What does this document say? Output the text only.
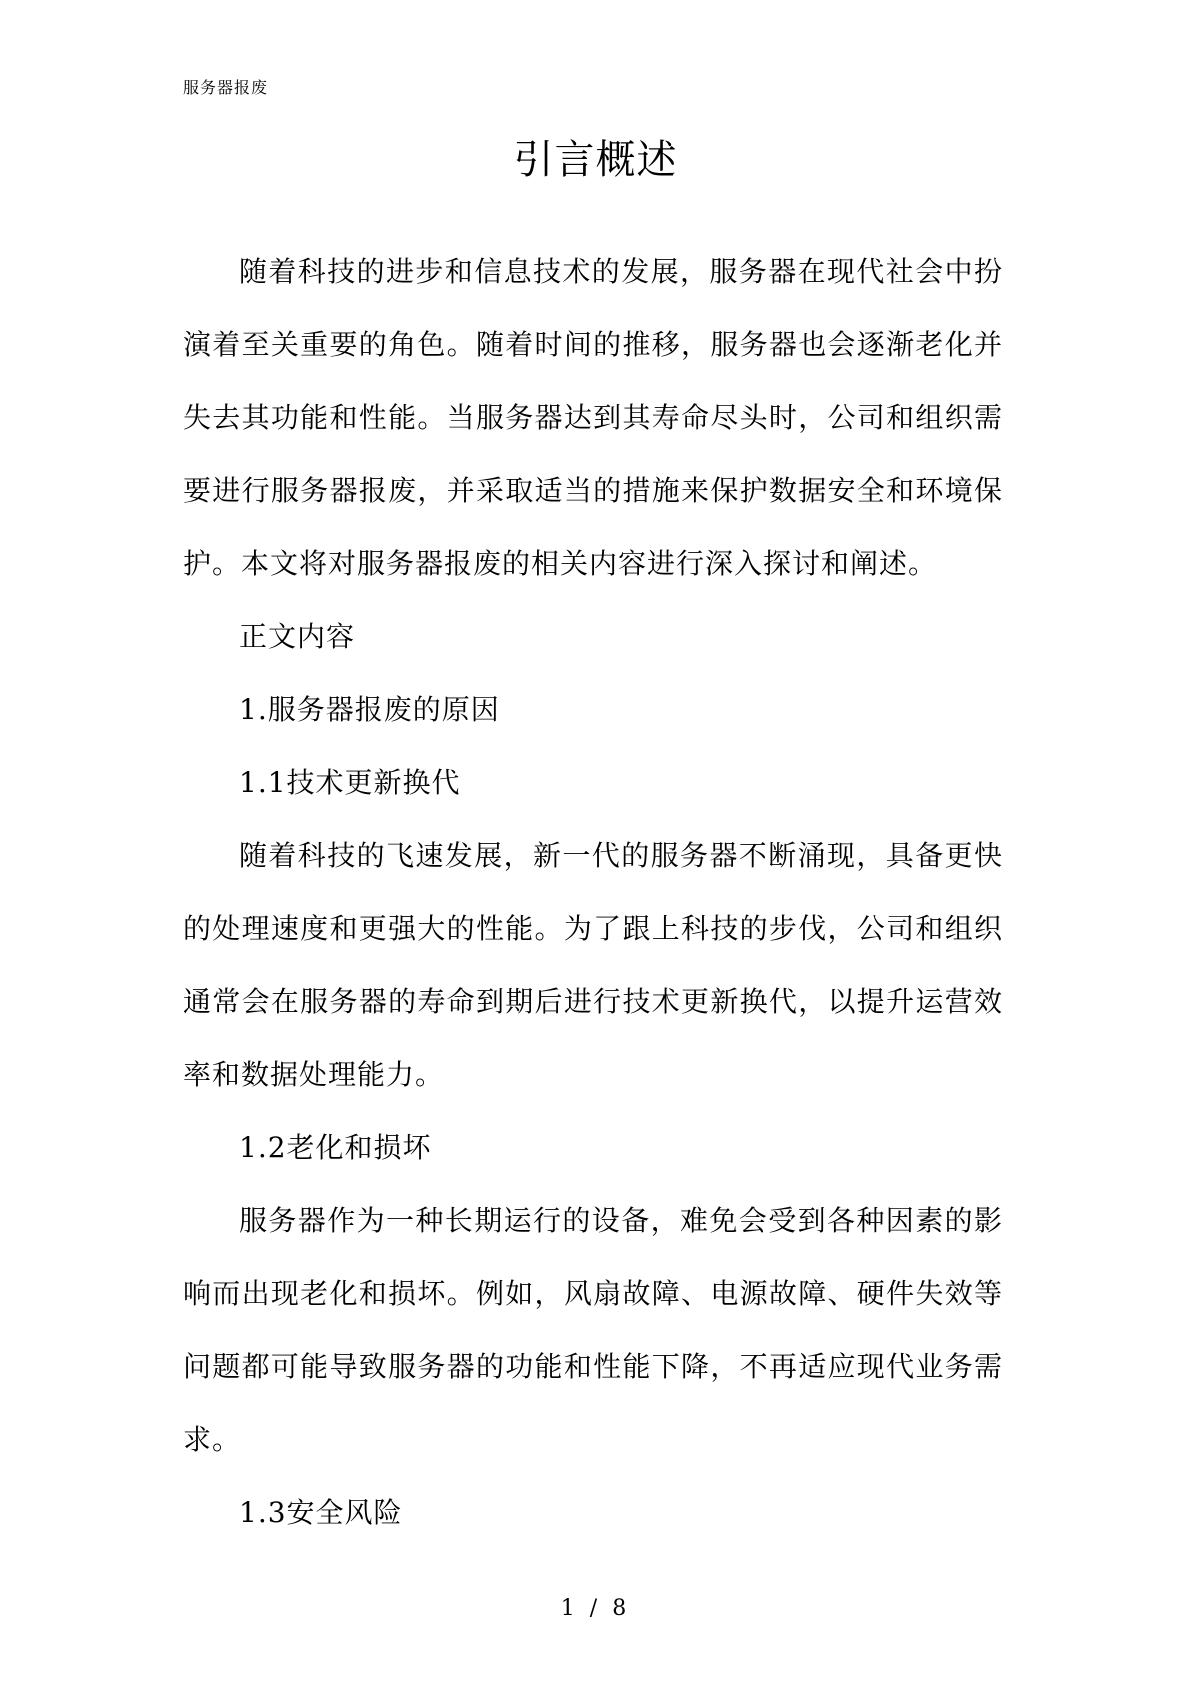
服务器报废
引言概述

随着科技的进步和信息技术的发展，服务器在现代社会中扮演着至关重要的角色。随着时间的推移，服务器也会逐渐老化并失去其功能和性能。当服务器达到其寿命尽头时，公司和组织需要进行服务器报废，并采取适当的措施来保护数据安全和环境保护。本文将对服务器报废的相关内容进行深入探讨和阐述。

正文内容

1.服务器报废的原因

1.1技术更新换代

随着科技的飞速发展，新一代的服务器不断涌现，具备更快的处理速度和更强大的性能。为了跟上科技的步伐，公司和组织通常会在服务器的寿命到期后进行技术更新换代，以提升运营效率和数据处理能力。

1.2老化和损坏

服务器作为一种长期运行的设备，难免会受到各种因素的影响而出现老化和损坏。例如，风扇故障、电源故障、硬件失效等问题都可能导致服务器的功能和性能下降，不再适应现代业务需求。

1.3安全风险

1 / 8
